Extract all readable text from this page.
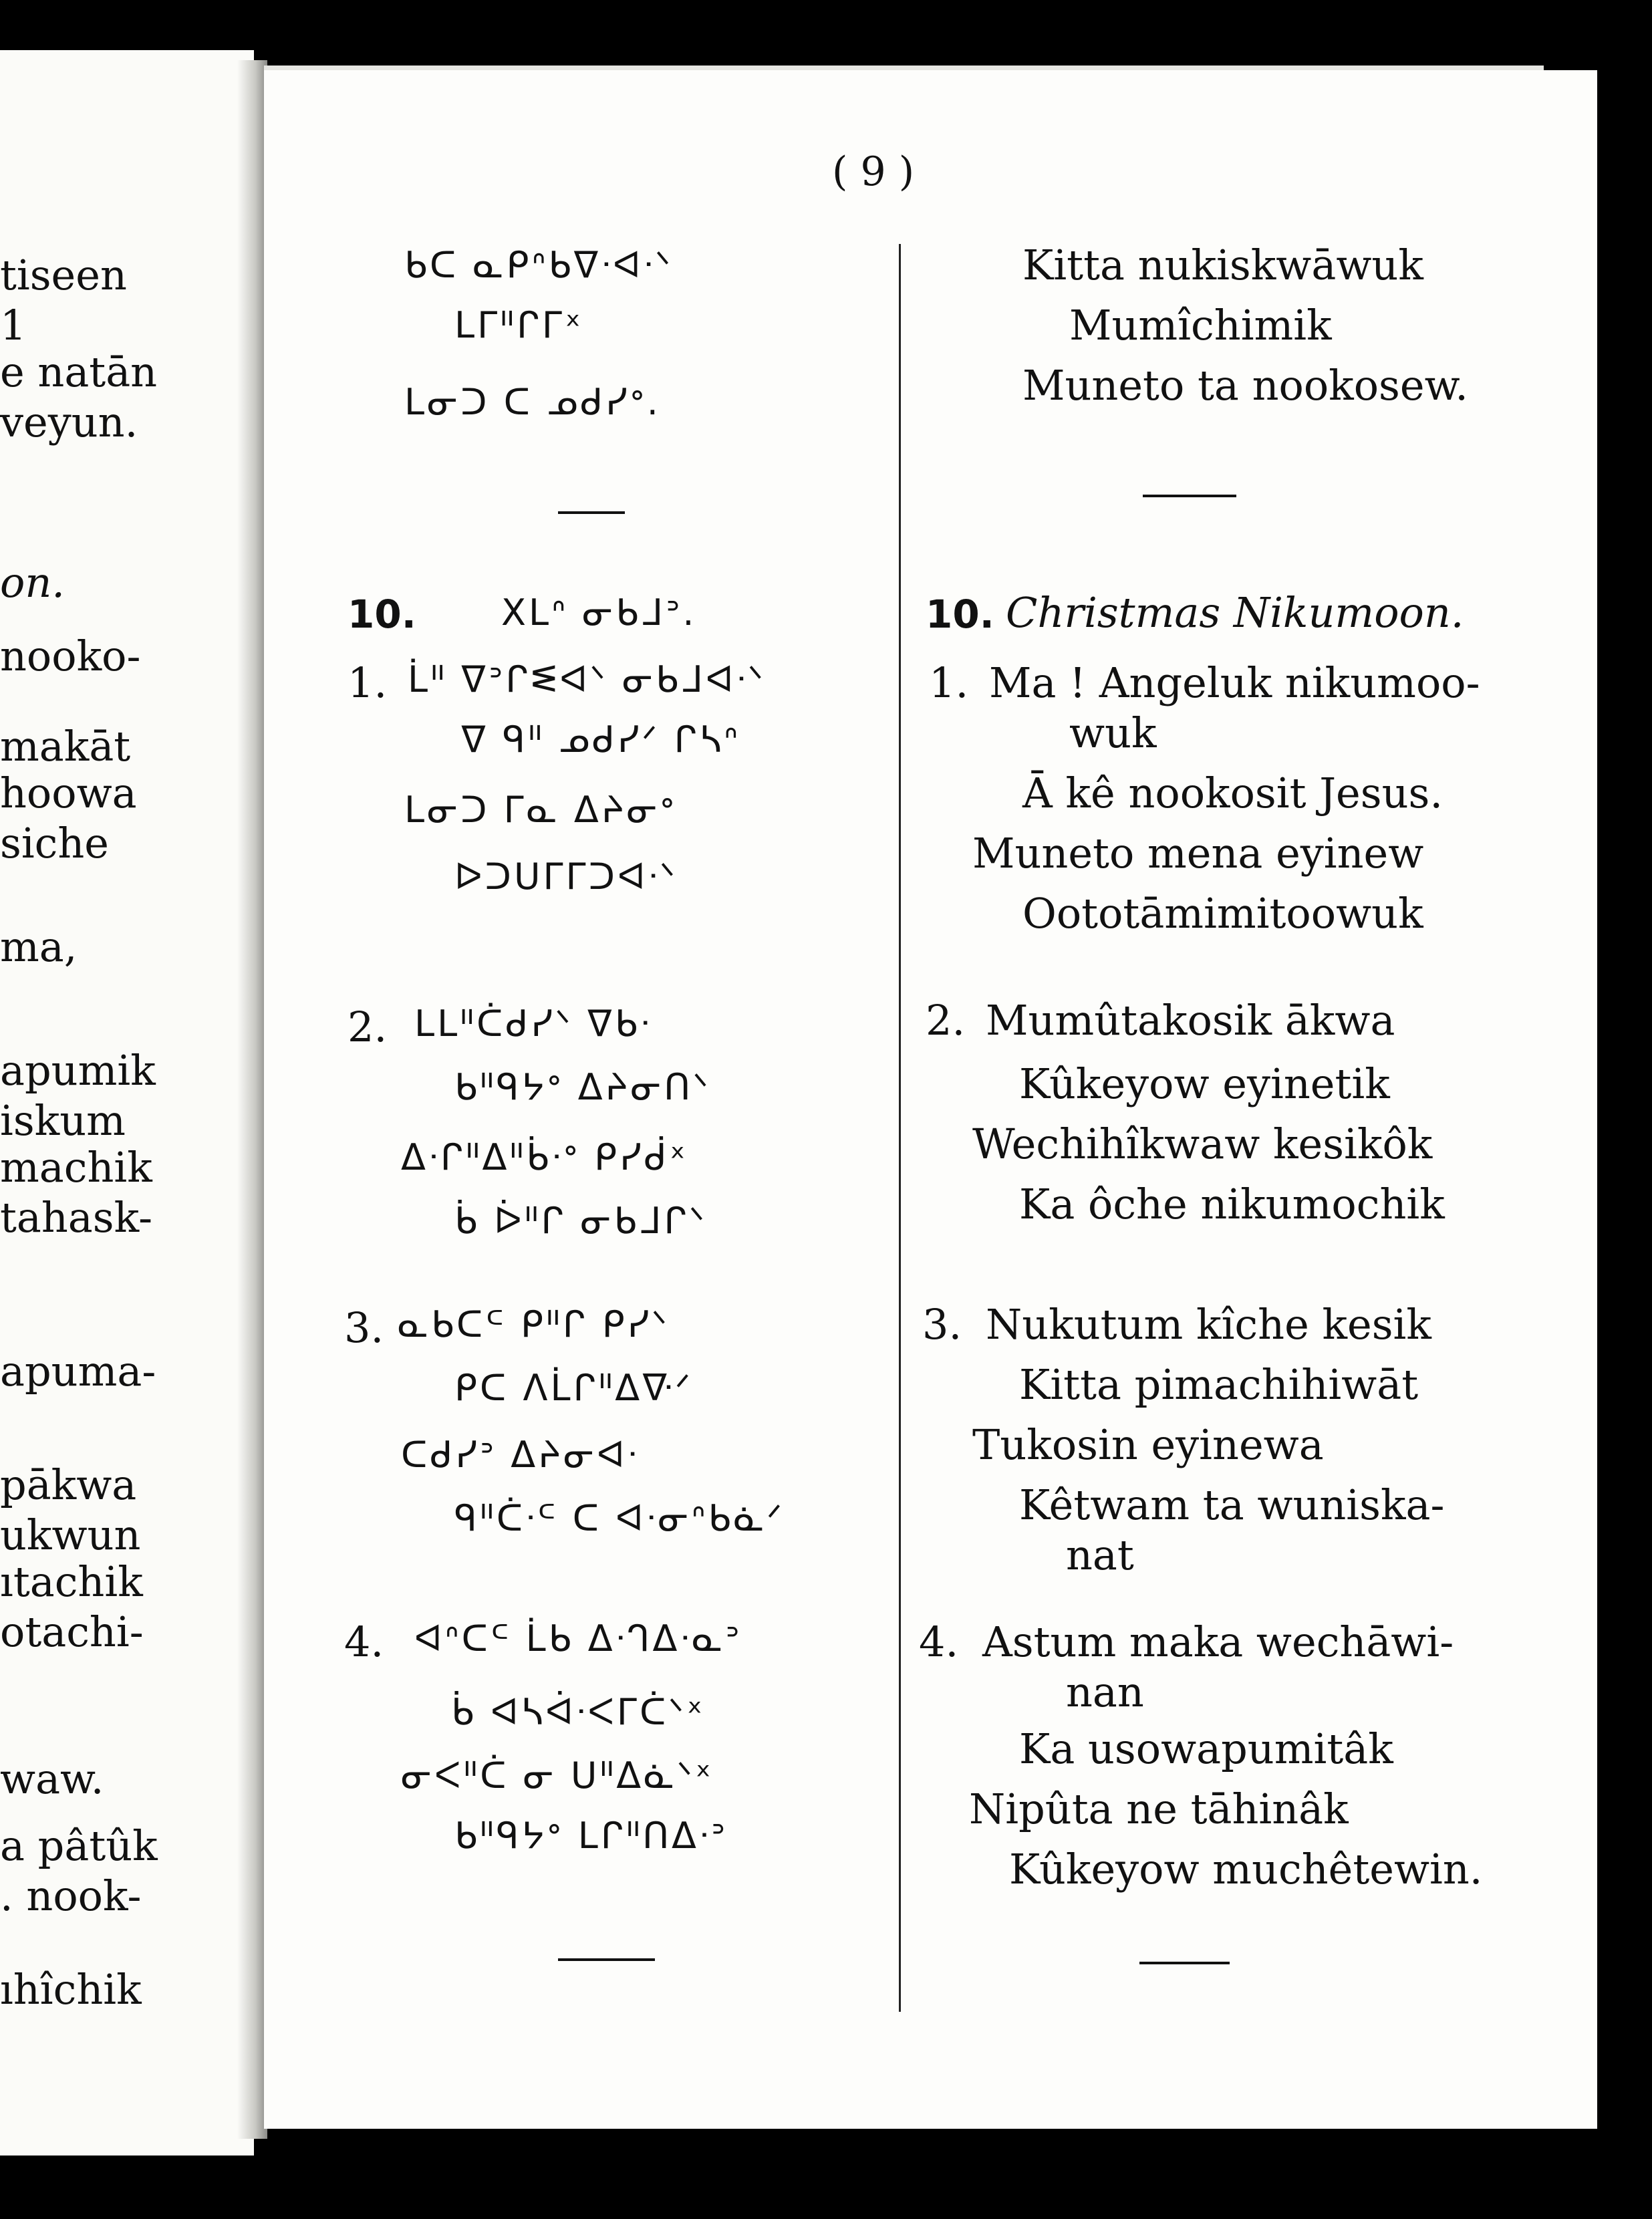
tiseen
1
e natān
veyun.
on.
nooko-
makāt
hoowa
siche
ma,
apumik
iskum
machik
tahask-
apuma-
pākwa
ukwun
ıtachik
otachi-
waw.
a pâtûk
. nook-
ıhîchik
( 9 )
ᑲᑕ ᓇᑭᐢᑲᐁᐧᐊᐧᐠ
ᒪᒥᐦᒋᒥˣ
ᒪᓂᑐ ᑕ ᓄᑯᓯᐤ.
10. Xᒪᐢ ᓂᑲᒧᐣ.
1. ᒫᐦ ᐁᐣᒋᓬᐊᐠ ᓂᑲᒧᐊᐧᐠ
ᐁ ᑫᐦ ᓄᑯᓯᐟ ᒋᓴᐢ
ᒪᓂᑐ ᒥᓇ ᐃᔨᓂᐤ
ᐅᑐᑌᒥᒥᑐᐊᐧᐠ
2. ᒪᒪᐦᑖᑯᓯᐠ ᐁᑲᐧ
ᑲᐦᑫᔭᐤ ᐃᔨᓂᑎᐠ
ᐃᐧᒋᐦᐃᐦᑳᐧᐤ ᑭᓯᑰˣ
ᑳ ᐆᐦᒋ ᓂᑲᒧᒋᐠ
3. ᓇᑲᑕᒼ ᑭᐦᒋ ᑭᓯᐠ
ᑭᑕ ᐱᒫᒋᐦᐃᐍᐟ
ᑕᑯᓯᐣ ᐃᔨᓂᐊᐧ
ᑫᐦᑖᐧᒼ ᑕ ᐊᐧᓂᐢᑲᓈᐟ
4. ᐊᐢᑕᒼ ᒫᑲ ᐃᐧᒉᐃᐧᓇᐣ
ᑳ ᐊᓴᐋᐧᐸᒥᑖᐠˣ
ᓂᐸᐦᑖ ᓂ ᑌᐦᐃᓈᐠˣ
ᑲᐦᑫᔭᐤ ᒪᒋᐦᑎᐃᐧᐣ
Kitta nukiskwāwuk
Mumîchimik
Muneto ta nookosew.
10. Christmas Nikumoon.
1. Ma ! Angeluk nikumoo-
wuk
Ā kê nookosit Jesus.
Muneto mena eyinew
Oototāmimitoowuk
2. Mumûtakosik ākwa
Kûkeyow eyinetik
Wechihîkwaw kesikôk
Ka ôche nikumochik
3. Nukutum kîche kesik
Kitta pimachihiwāt
Tukosin eyinewa
Kêtwam ta wuniska-
nat
4. Astum maka wechāwi-
nan
Ka usowapumitâk
Nipûta ne tāhinâk
Kûkeyow muchêtewin.
